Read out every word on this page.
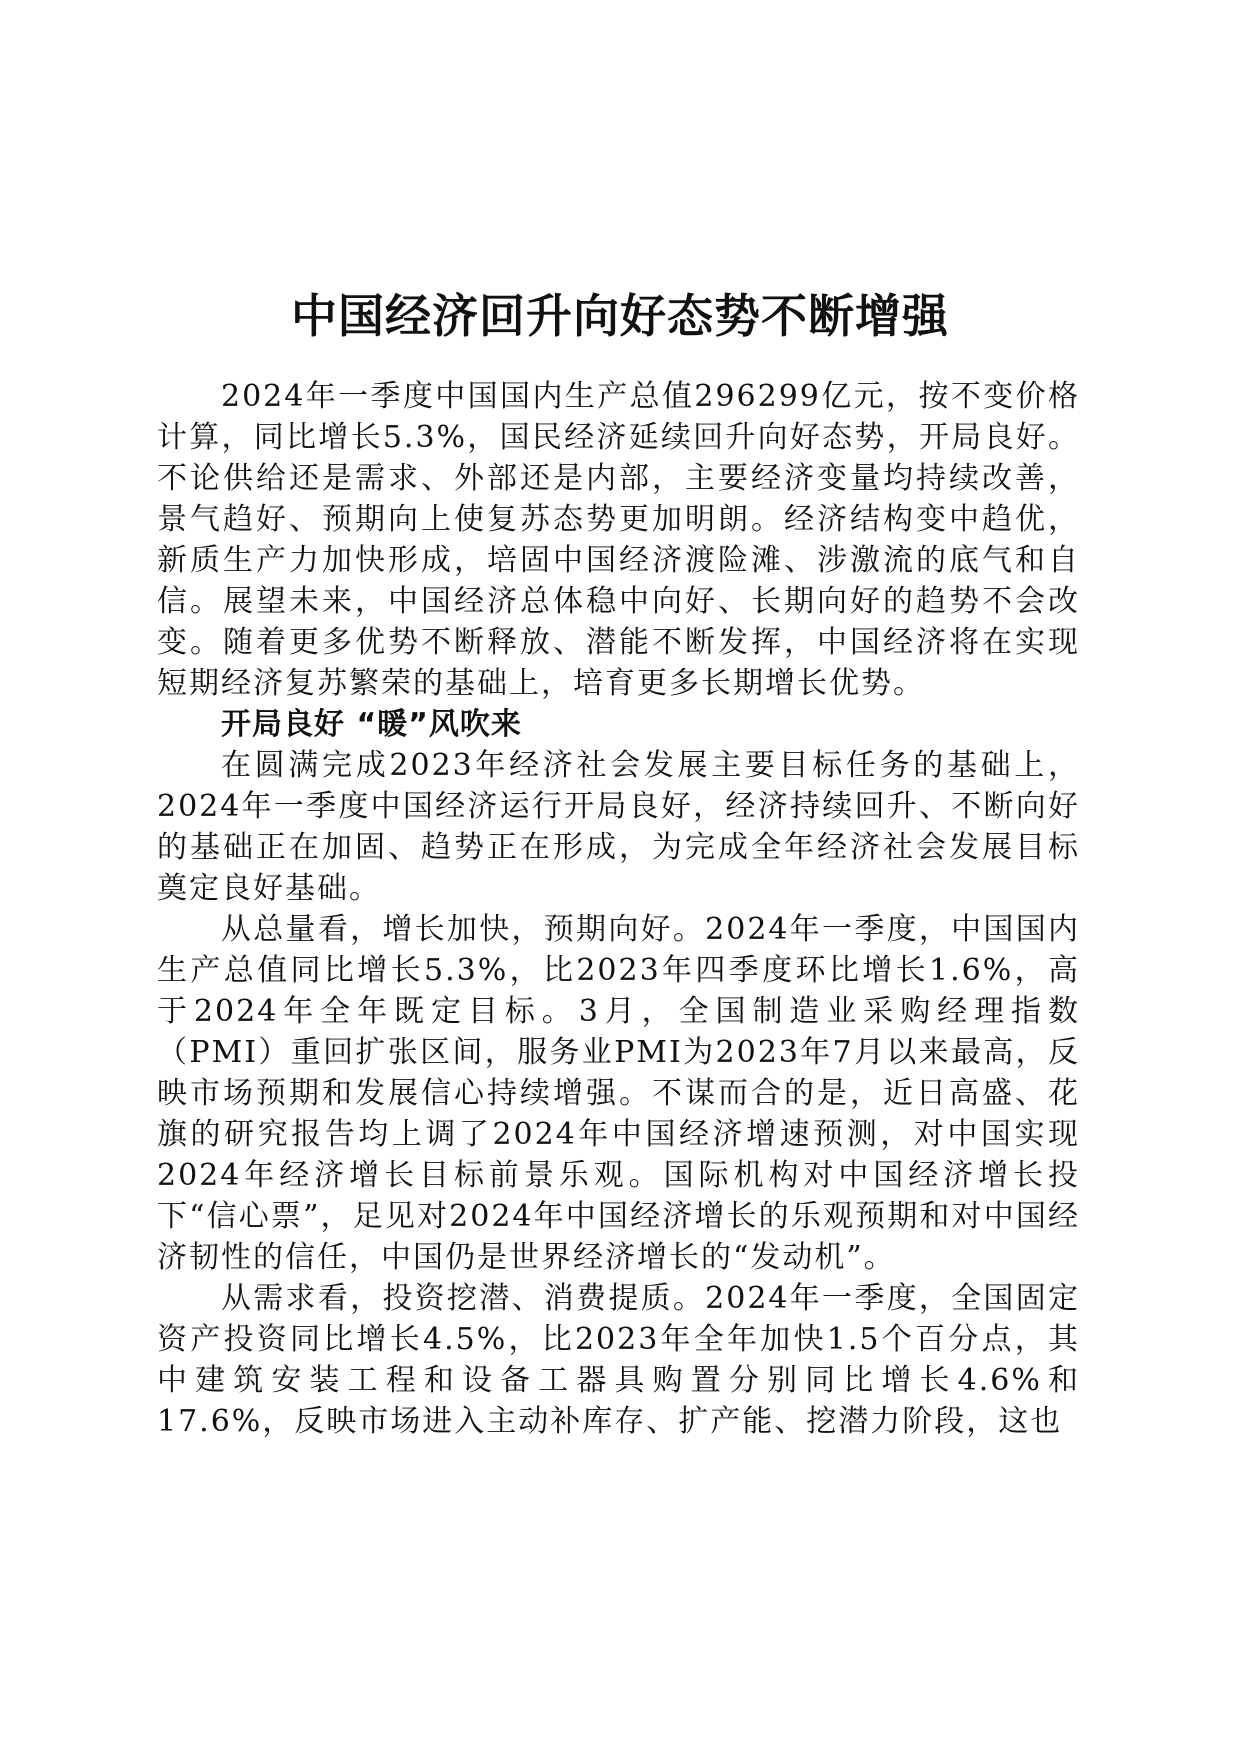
中国经济回升向好态势不断增强

2024年一季度中国国内生产总值296299亿元，按不变价格计算，同比增长5.3%，国民经济延续回升向好态势，开局良好。不论供给还是需求、外部还是内部，主要经济变量均持续改善，景气趋好、预期向上使复苏态势更加明朗。经济结构变中趋优，新质生产力加快形成，培固中国经济渡险滩、涉激流的底气和自信。展望未来，中国经济总体稳中向好、长期向好的趋势不会改变。随着更多优势不断释放、潜能不断发挥，中国经济将在实现短期经济复苏繁荣的基础上，培育更多长期增长优势。

开局良好 “暖”风吹来

在圆满完成2023年经济社会发展主要目标任务的基础上，2024年一季度中国经济运行开局良好，经济持续回升、不断向好的基础正在加固、趋势正在形成，为完成全年经济社会发展目标奠定良好基础。

从总量看，增长加快，预期向好。2024年一季度，中国国内生产总值同比增长5.3%，比2023年四季度环比增长1.6%，高于2024年全年既定目标。3月，全国制造业采购经理指数（PMI）重回扩张区间，服务业PMI为2023年7月以来最高，反映市场预期和发展信心持续增强。不谋而合的是，近日高盛、花旗的研究报告均上调了2024年中国经济增速预测，对中国实现2024年经济增长目标前景乐观。国际机构对中国经济增长投下“信心票”，足见对2024年中国经济增长的乐观预期和对中国经济韧性的信任，中国仍是世界经济增长的“发动机”。

从需求看，投资挖潜、消费提质。2024年一季度，全国固定资产投资同比增长4.5%，比2023年全年加快1.5个百分点，其中建筑安装工程和设备工器具购置分别同比增长4.6%和17.6%，反映市场进入主动补库存、扩产能、挖潜力阶段，这也
